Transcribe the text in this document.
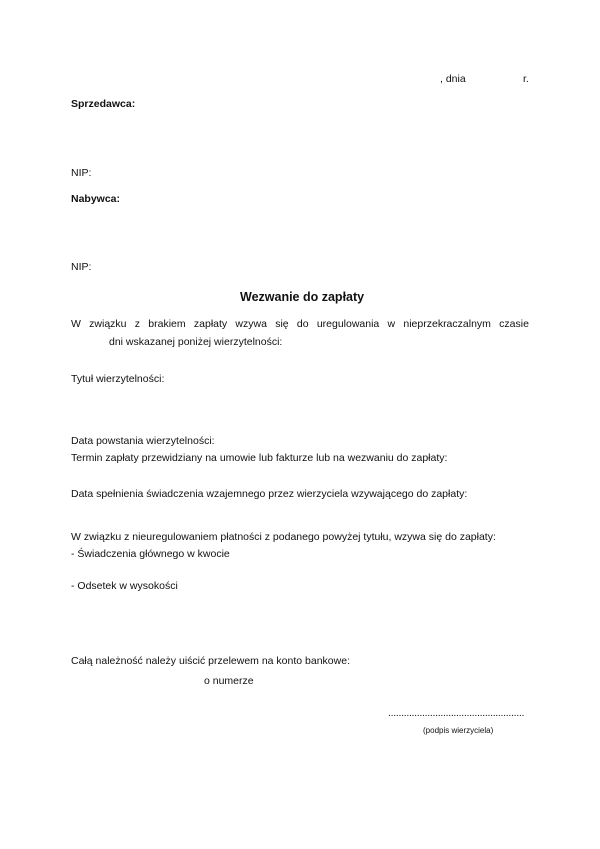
, dnia	r.
Sprzedawca:
NIP:
Nabywca:
NIP:
Wezwanie do zapłaty
W związku z brakiem zapłaty wzywa się do uregulowania w nieprzekraczalnym czasie
dni wskazanej poniżej wierzytelności:
Tytuł wierzytelności:
Data powstania wierzytelności:
Termin zapłaty przewidziany na umowie lub fakturze lub na wezwaniu do zapłaty:
Data spełnienia świadczenia wzajemnego przez wierzyciela wzywającego do zapłaty:
W związku z nieuregulowaniem płatności z podanego powyżej tytułu, wzywa się do zapłaty:
- Świadczenia głównego w kwocie
- Odsetek w wysokości
Całą należność należy uiścić przelewem na konto bankowe:
o numerze
....................................................
(podpis wierzyciela)
